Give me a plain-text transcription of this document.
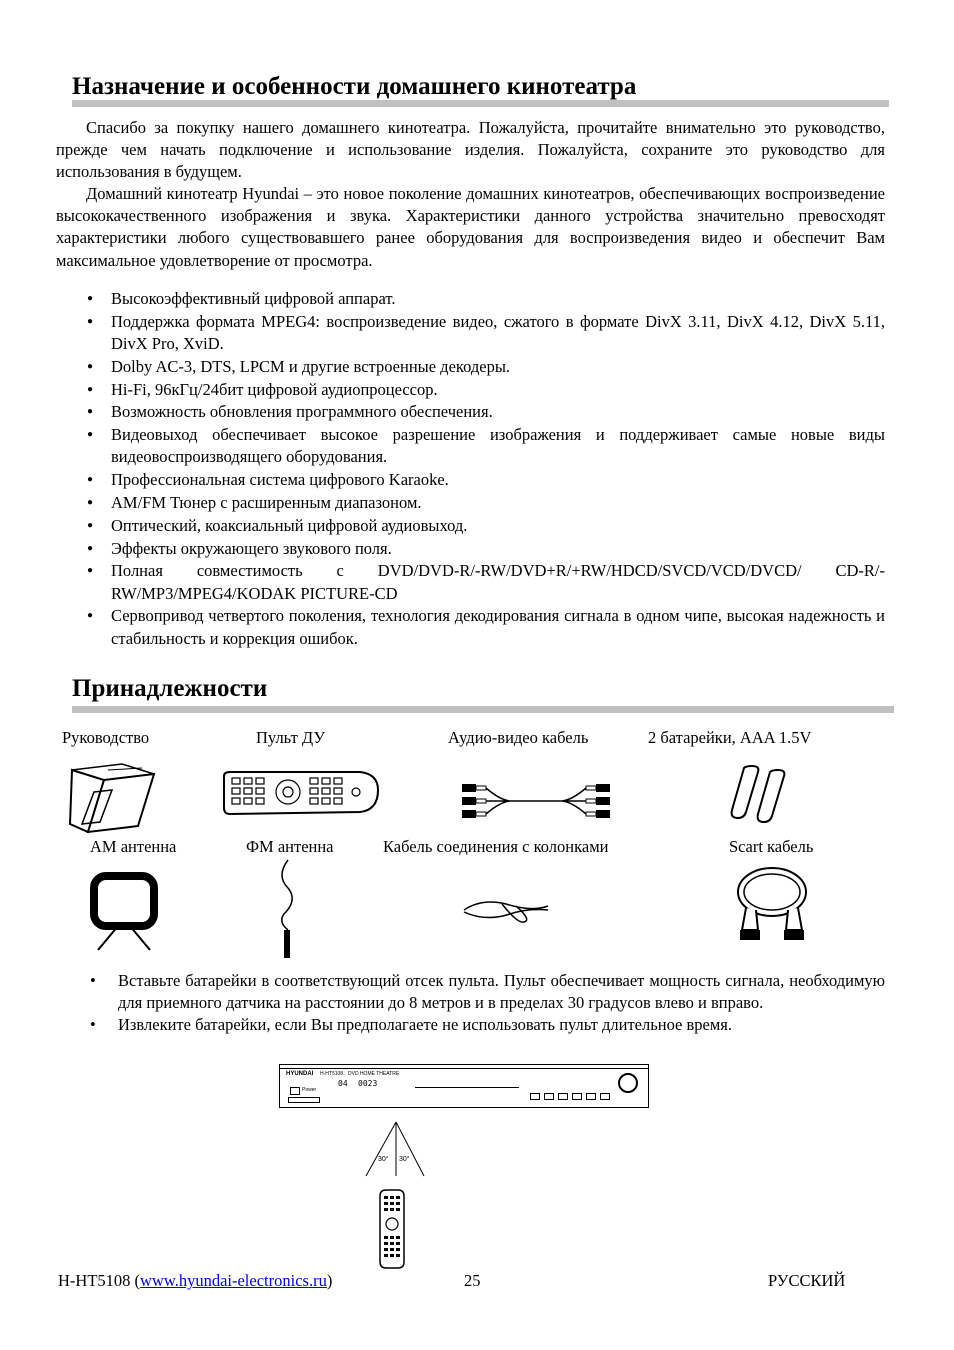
Назначение и особенности домашнего кинотеатра

Спасибо за покупку нашего домашнего кинотеатра. Пожалуйста, прочитайте внимательно это руководство, прежде чем начать подключение и использование изделия. Пожалуйста, сохраните это руководство для использования в будущем.

Домашний кинотеатр Hyundai – это новое поколение домашних кинотеатров, обеспечивающих воспроизведение высококачественного изображения и звука. Характеристики данного устройства значительно превосходят характеристики любого существовавшего ранее оборудования для воспроизведения видео и обеспечит Вам максимальное удовлетворение от просмотра.

● Высокоэффективный цифровой аппарат.
● Поддержка формата MPEG4: воспроизведение видео, сжатого в формате DivX 3.11, DivX 4.12, DivX 5.11, DivX Pro, XviD.
● Dolby AC-3, DTS, LPCM и другие встроенные декодеры.
● Hi-Fi, 96кГц/24бит цифровой аудиопроцессор.
● Возможность обновления программного обеспечения.
● Видеовыход обеспечивает высокое разрешение изображения и поддерживает самые новые виды видеовоспроизводящего оборудования.
● Профессиональная система цифрового Karaoke.
● AM/FM Тюнер с расширенным диапазоном.
● Оптический, коаксиальный цифровой аудиовыход.
● Эффекты окружающего звукового поля.
● Полная совместимость с DVD/DVD-R/-RW/DVD+R/+RW/HDCD/SVCD/VCD/DVCD/ CD-R/-RW/MP3/MPEG4/KODAK PICTURE-CD
● Сервопривод четвертого поколения, технология декодирования сигнала в одном чипе, высокая надежность и стабильность и коррекция ошибок.
Принадлежности
Руководство	Пульт ДУ	Аудио-видео кабель	2 батарейки, AAA 1.5V
AM антенна	ФМ антенна	Кабель соединения с колонками	Scart кабель
• Вставьте батарейки в соответствующий отсек пульта. Пульт обеспечивает мощность сигнала, необходимую для приемного датчика на расстоянии до 8 метров и в пределах 30 градусов влево и вправо.
• Извлеките батарейки, если Вы предполагаете не использовать пульт длительное время.
HYUNDAI H-HT5108 DVD HOME THEATRE
Power
04 0023
30° 30°
H-HT5108 (www.hyundai-electronics.ru)	25	РУССКИЙ
